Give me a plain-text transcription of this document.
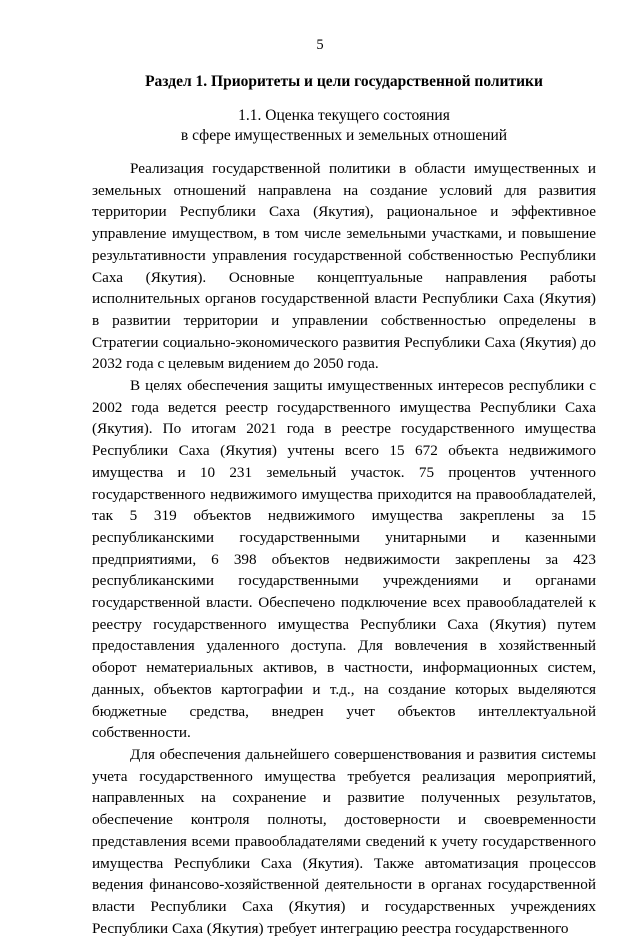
5
Раздел 1. Приоритеты и цели государственной политики
1.1. Оценка текущего состояния
в сфере имущественных и земельных отношений

Реализация государственной политики в области имущественных и земельных отношений направлена на создание условий для развития территории Республики Саха (Якутия), рациональное и эффективное управление имуществом, в том числе земельными участками, и повышение результативности управления государственной собственностью Республики Саха (Якутия). Основные концептуальные направления работы исполнительных органов государственной власти Республики Саха (Якутия) в развитии территории и управлении собственностью определены в Стратегии социально-экономического развития Республики Саха (Якутия) до 2032 года с целевым видением до 2050 года.

В целях обеспечения защиты имущественных интересов республики с 2002 года ведется реестр государственного имущества Республики Саха (Якутия). По итогам 2021 года в реестре государственного имущества Республики Саха (Якутия) учтены всего 15 672 объекта недвижимого имущества и 10 231 земельный участок. 75 процентов учтенного государственного недвижимого имущества приходится на правообладателей, так 5 319 объектов недвижимого имущества закреплены за 15 республиканскими государственными унитарными и казенными предприятиями, 6 398 объектов недвижимости закреплены за 423 республиканскими государственными учреждениями и органами государственной власти. Обеспечено подключение всех правообладателей к реестру государственного имущества Республики Саха (Якутия) путем предоставления удаленного доступа. Для вовлечения в хозяйственный оборот нематериальных активов, в частности, информационных систем, данных, объектов картографии и т.д., на создание которых выделяются бюджетные средства, внедрен учет объектов интеллектуальной собственности.

Для обеспечения дальнейшего совершенствования и развития системы учета государственного имущества требуется реализация мероприятий, направленных на сохранение и развитие полученных результатов, обеспечение контроля полноты, достоверности и своевременности представления всеми правообладателями сведений к учету государственного имущества Республики Саха (Якутия). Также автоматизация процессов ведения финансово-хозяйственной деятельности в органах государственной власти Республики Саха (Якутия) и государственных учреждениях Республики Саха (Якутия) требует интеграцию реестра государственного
